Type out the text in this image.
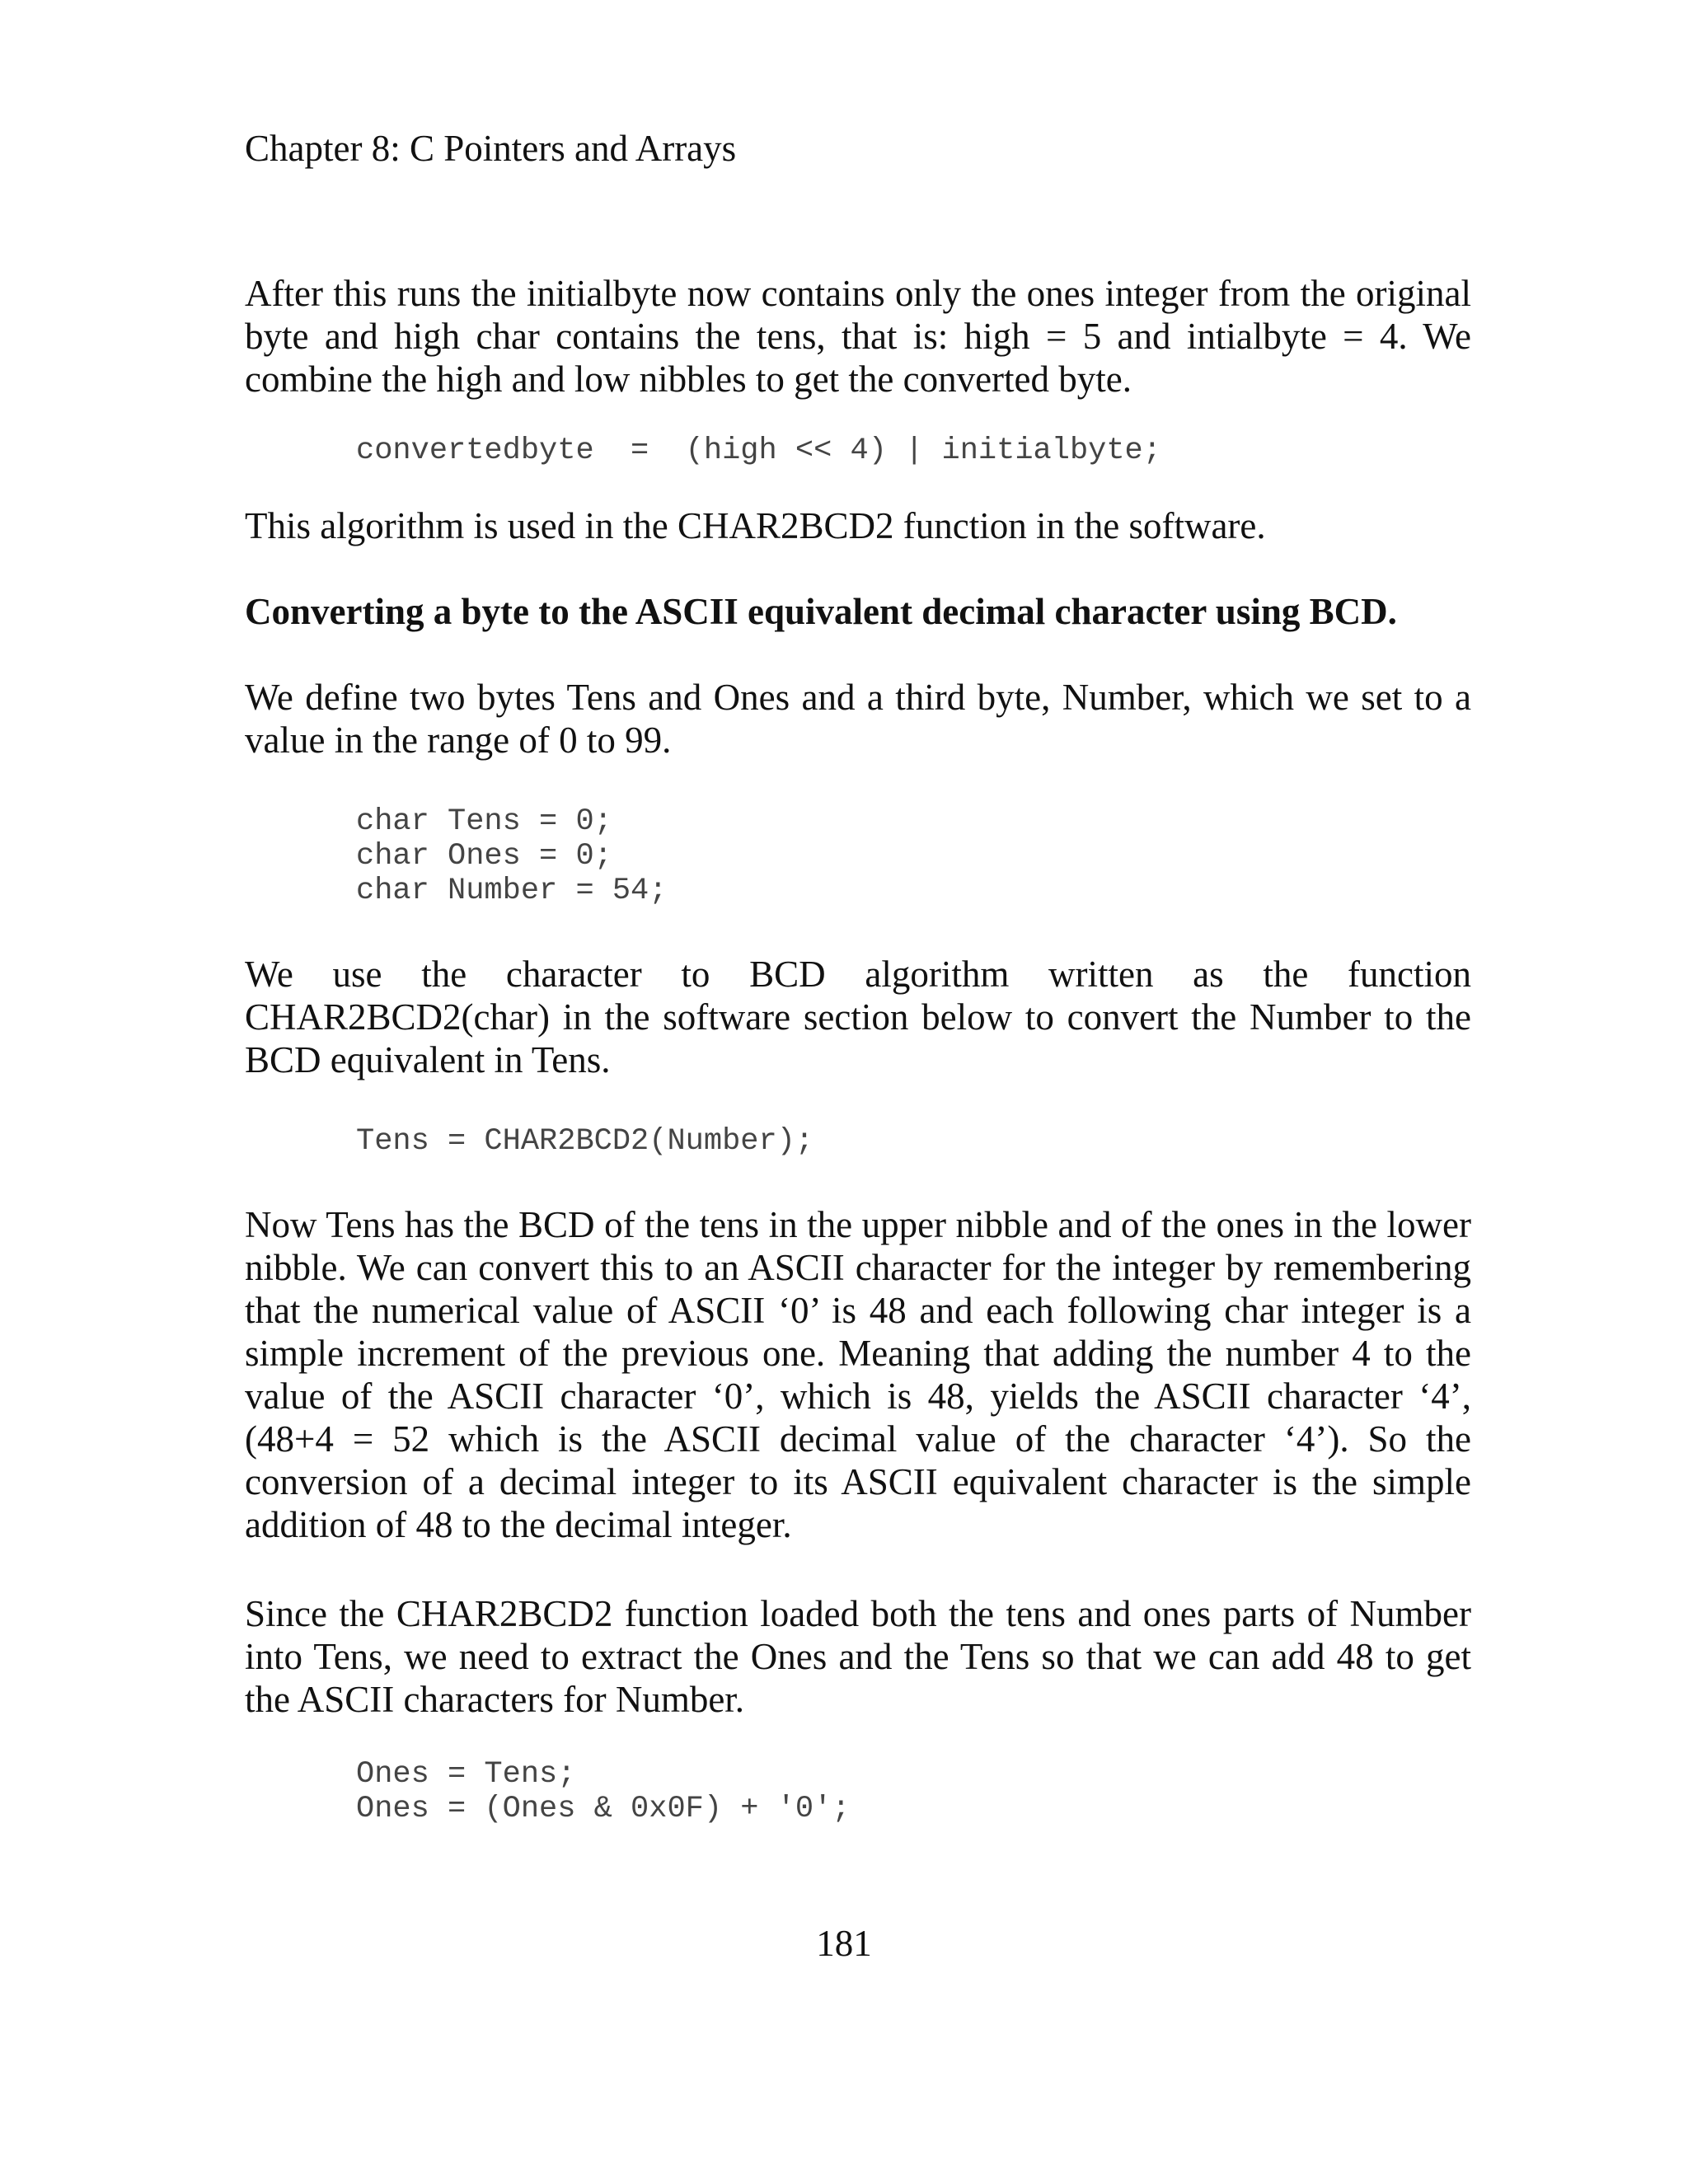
Chapter 8: C Pointers and Arrays
After this runs the initialbyte now contains only the ones integer from the original byte and high char contains the tens, that is: high = 5 and intialbyte = 4. We combine the high and low nibbles to get the converted byte.
convertedbyte  =  (high << 4) | initialbyte;
This algorithm is used in the CHAR2BCD2 function in the software.
Converting a byte to the ASCII equivalent decimal character using BCD.
We define two bytes Tens and Ones and a third byte, Number, which we set to a value in the range of 0 to 99.
char Tens = 0;
char Ones = 0;
char Number = 54;
We use the character to BCD algorithm written as the function CHAR2BCD2(char) in the software section below to convert the Number to the BCD equivalent in Tens.
Tens = CHAR2BCD2(Number);
Now Tens has the BCD of the tens in the upper nibble and of the ones in the lower nibble. We can convert this to an ASCII character for the integer by remembering that the numerical value of ASCII ‘0’ is 48 and each following char integer is a simple increment of the previous one. Meaning that adding the number 4 to the value of the ASCII character ‘0’, which is 48, yields the ASCII character ‘4’, (48+4 = 52 which is the ASCII decimal value of the character ‘4’). So the conversion of a decimal integer to its ASCII equivalent character is the simple addition of 48 to the decimal integer.
Since the CHAR2BCD2 function loaded both the tens and ones parts of Number into Tens, we need to extract the Ones and the Tens so that we can add 48 to get the ASCII characters for Number.
Ones = Tens;
Ones = (Ones & 0x0F) + '0';
181
